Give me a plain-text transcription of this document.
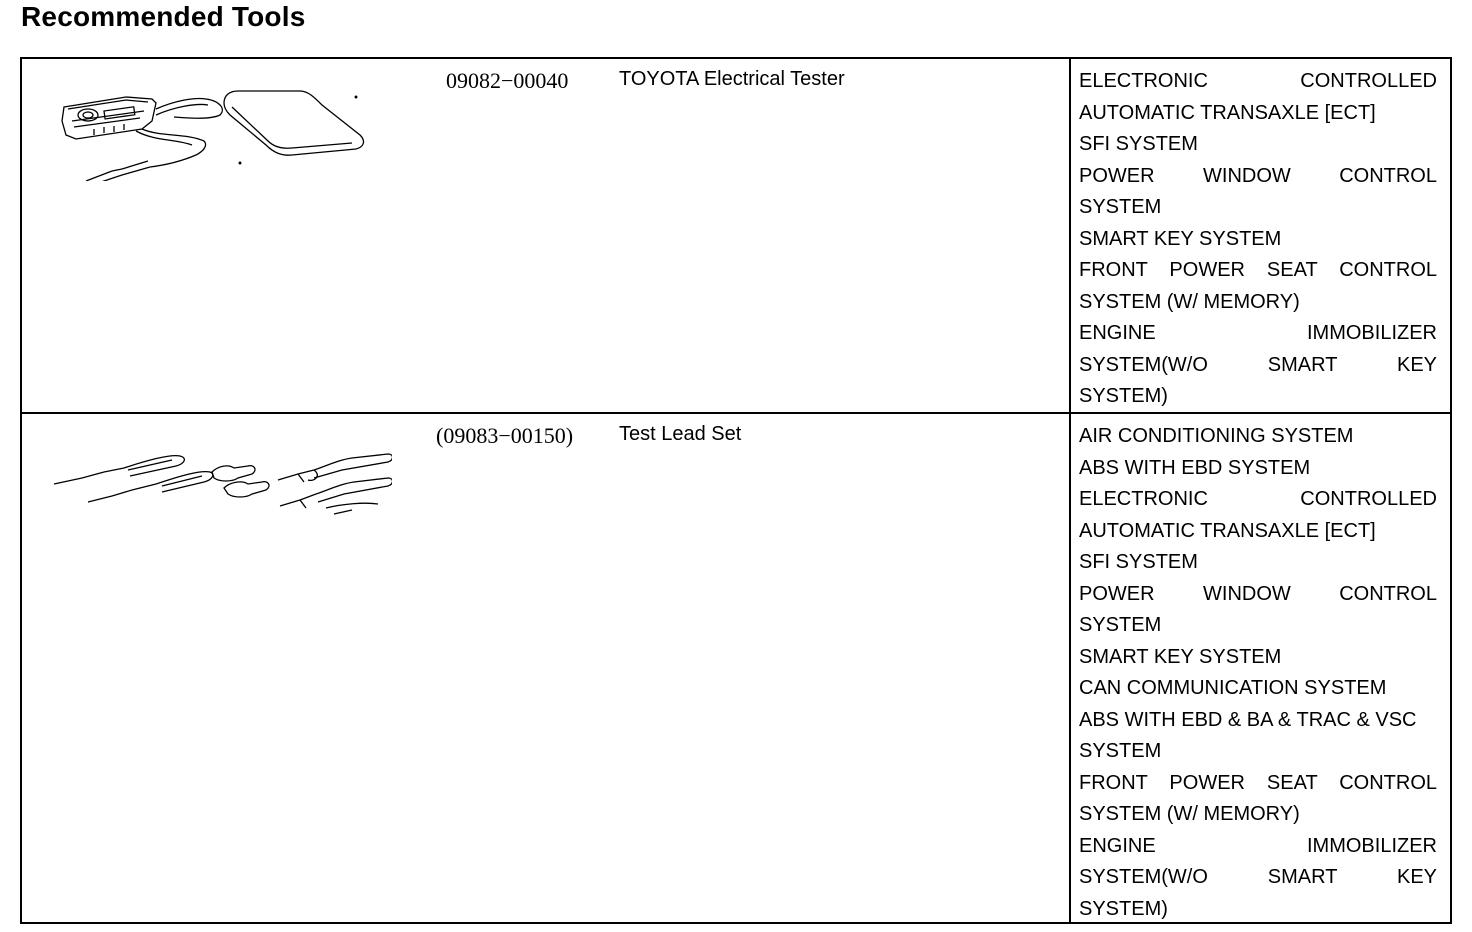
Recommended Tools
09082−00040	TOYOTA Electrical Tester	ELECTRONIC CONTROLLED
AUTOMATIC TRANSAXLE [ECT]
SFI SYSTEM
POWER WINDOW CONTROL
SYSTEM
SMART KEY SYSTEM
FRONT POWER SEAT CONTROL
SYSTEM (W/ MEMORY)
ENGINE IMMOBILIZER
SYSTEM(W/O SMART KEY
SYSTEM)
(09083−00150) Test Lead Set	AIR CONDITIONING SYSTEM
ABS WITH EBD SYSTEM
ELECTRONIC CONTROLLED
AUTOMATIC TRANSAXLE [ECT]
SFI SYSTEM
POWER WINDOW CONTROL
SYSTEM
SMART KEY SYSTEM
CAN COMMUNICATION SYSTEM
ABS WITH EBD & BA & TRAC & VSC
SYSTEM
FRONT POWER SEAT CONTROL
SYSTEM (W/ MEMORY)
ENGINE IMMOBILIZER
SYSTEM(W/O SMART KEY
SYSTEM)
